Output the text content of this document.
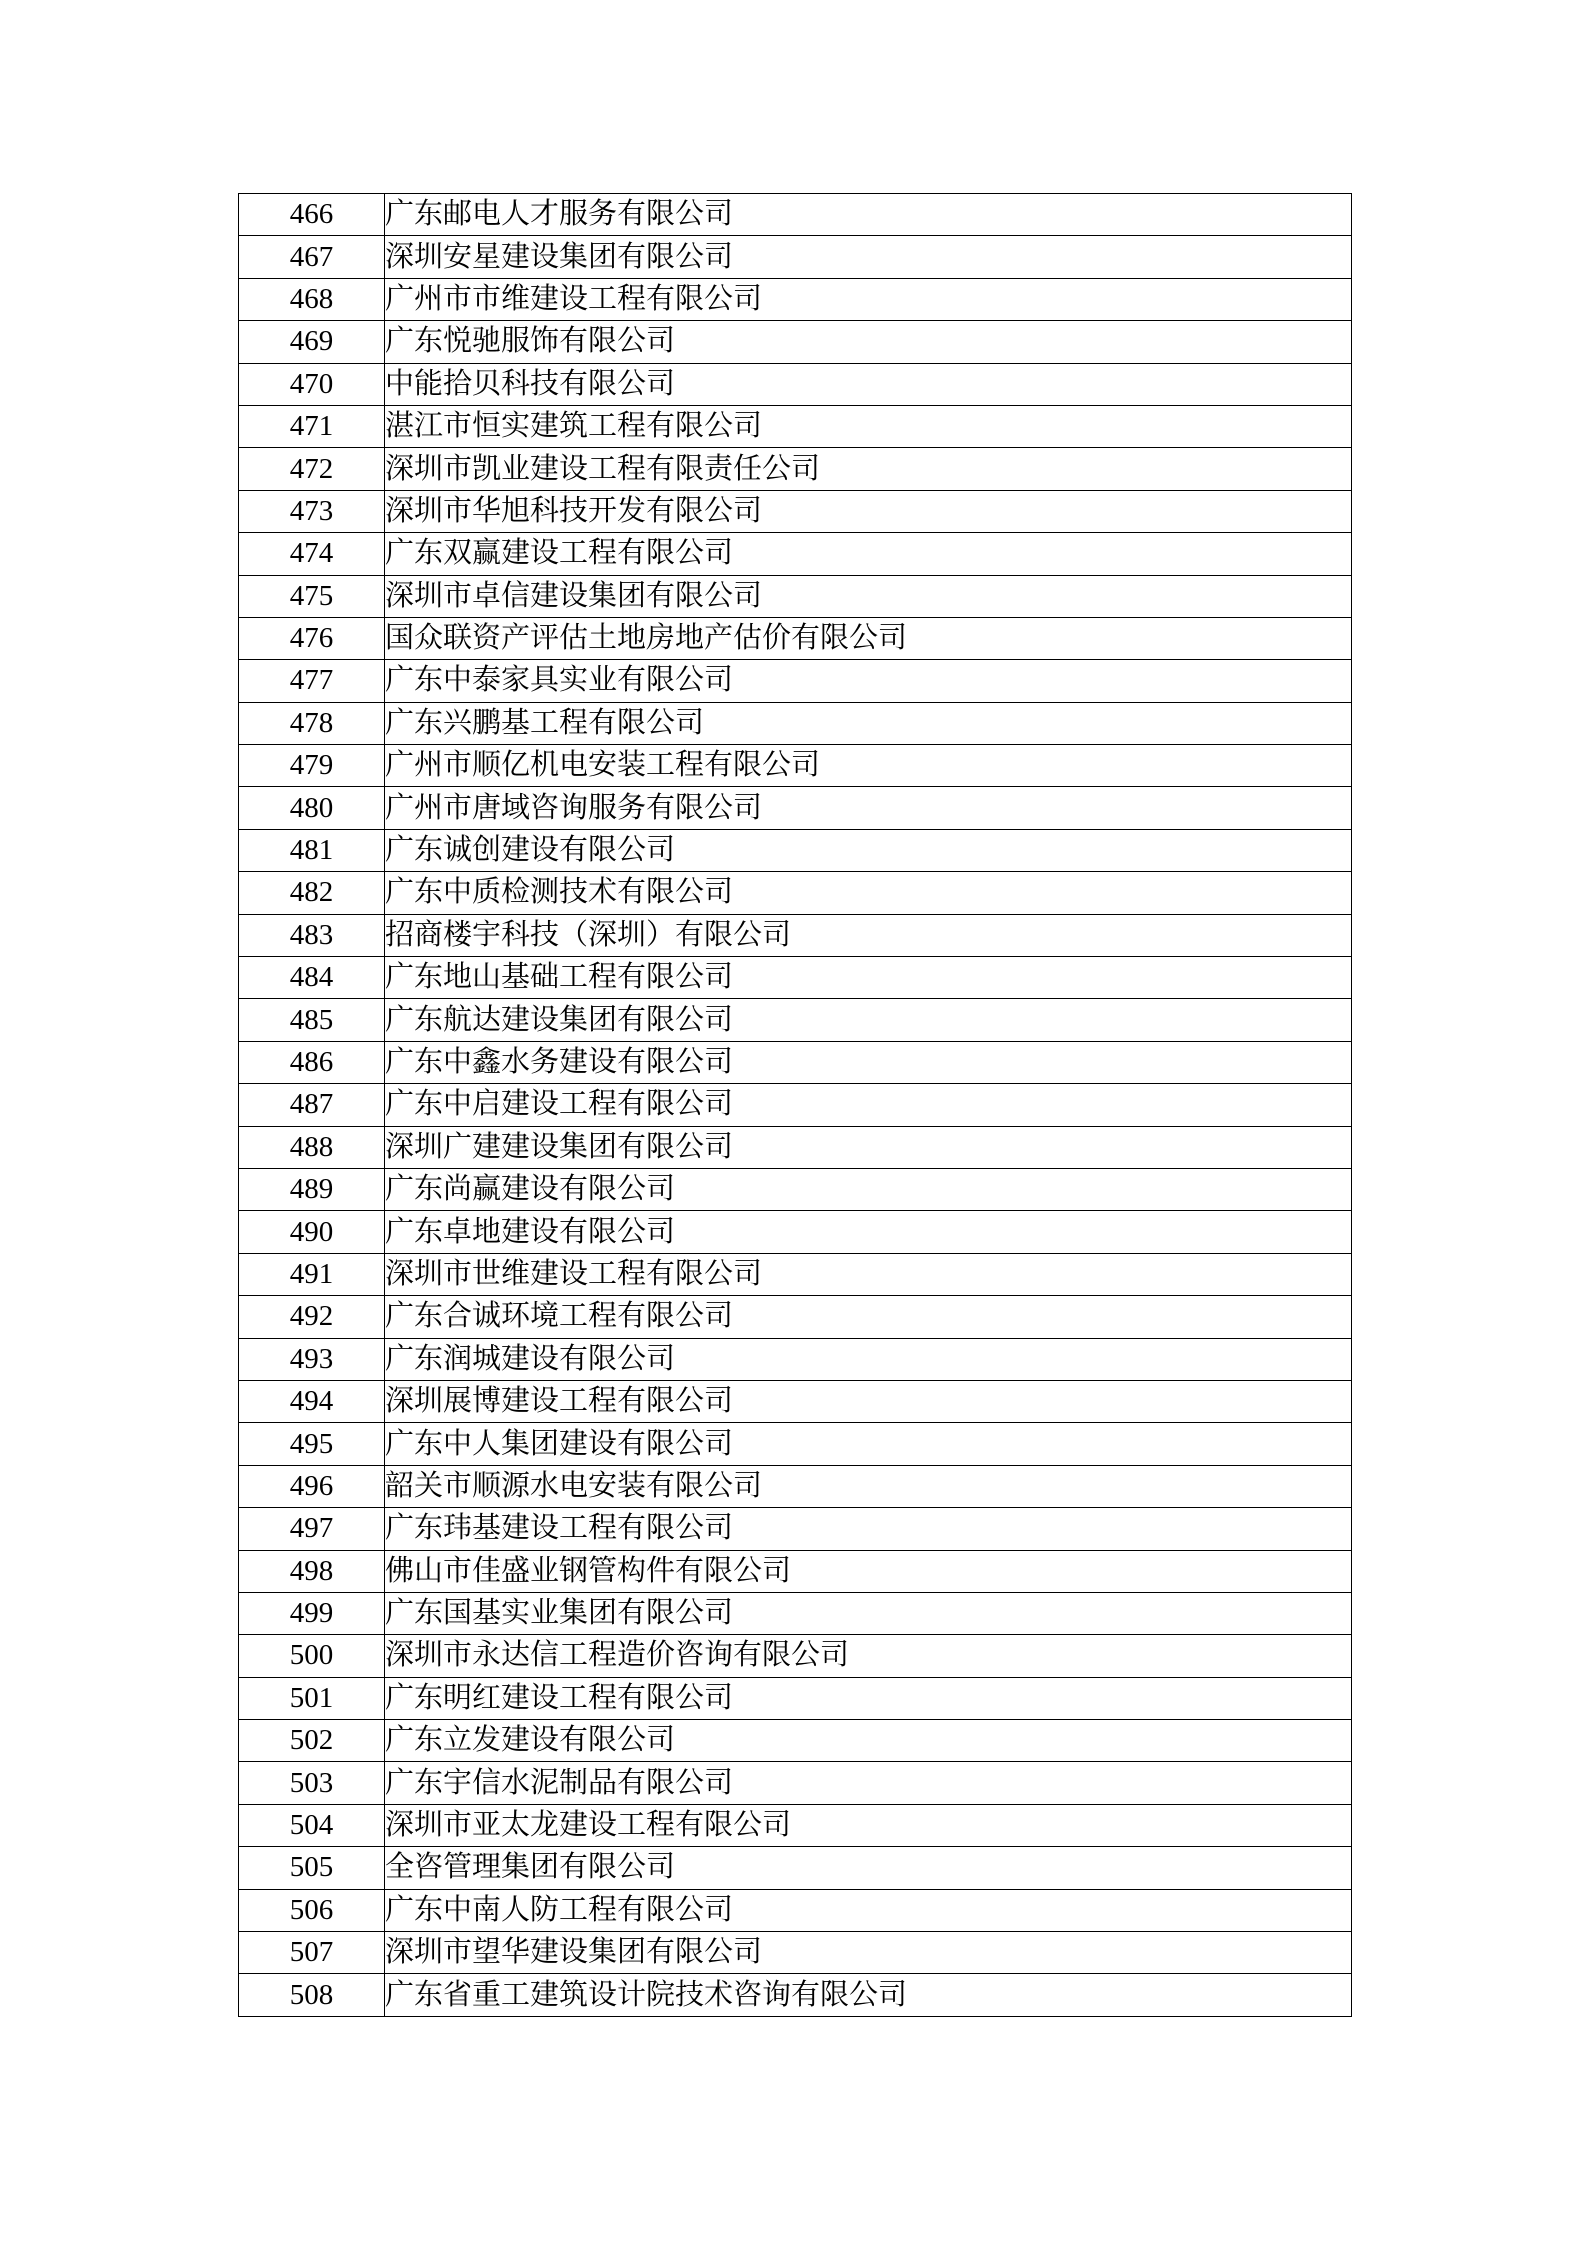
466	广东邮电人才服务有限公司
467	深圳安星建设集团有限公司
468	广州市市维建设工程有限公司
469	广东悦驰服饰有限公司
470	中能拾贝科技有限公司
471	湛江市恒实建筑工程有限公司
472	深圳市凯业建设工程有限责任公司
473	深圳市华旭科技开发有限公司
474	广东双赢建设工程有限公司
475	深圳市卓信建设集团有限公司
476	国众联资产评估土地房地产估价有限公司
477	广东中泰家具实业有限公司
478	广东兴鹏基工程有限公司
479	广州市顺亿机电安装工程有限公司
480	广州市唐域咨询服务有限公司
481	广东诚创建设有限公司
482	广东中质检测技术有限公司
483	招商楼宇科技（深圳）有限公司
484	广东地山基础工程有限公司
485	广东航达建设集团有限公司
486	广东中鑫水务建设有限公司
487	广东中启建设工程有限公司
488	深圳广建建设集团有限公司
489	广东尚赢建设有限公司
490	广东卓地建设有限公司
491	深圳市世维建设工程有限公司
492	广东合诚环境工程有限公司
493	广东润城建设有限公司
494	深圳展博建设工程有限公司
495	广东中人集团建设有限公司
496	韶关市顺源水电安装有限公司
497	广东玮基建设工程有限公司
498	佛山市佳盛业钢管构件有限公司
499	广东国基实业集团有限公司
500	深圳市永达信工程造价咨询有限公司
501	广东明红建设工程有限公司
502	广东立发建设有限公司
503	广东宇信水泥制品有限公司
504	深圳市亚太龙建设工程有限公司
505	全咨管理集团有限公司
506	广东中南人防工程有限公司
507	深圳市望华建设集团有限公司
508	广东省重工建筑设计院技术咨询有限公司
